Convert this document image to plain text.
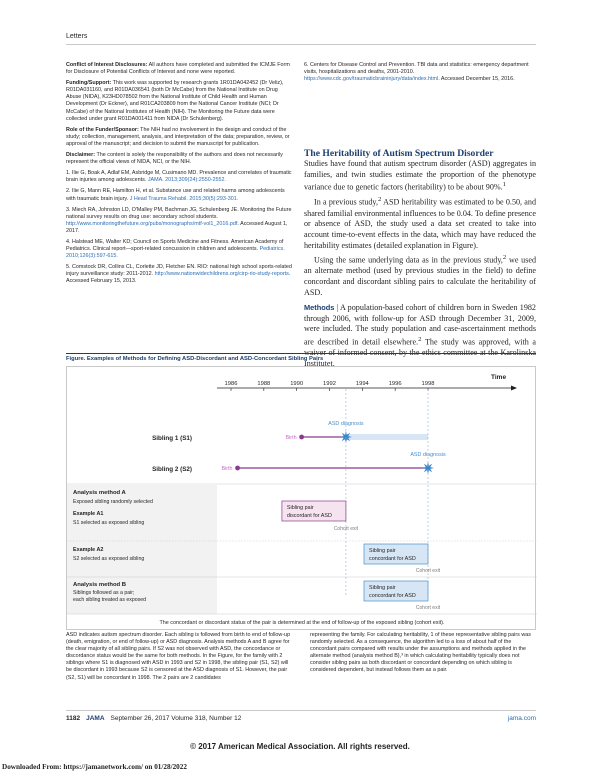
Letters

Conflict of Interest Disclosures: All authors have completed and submitted the ICMJE Form for Disclosure of Potential Conflicts of Interest and none were reported.

Funding/Support: This work was supported by research grants 1R01DA042452 (Dr Veliz), R01DA031160, and R01DA036541 (both Dr McCabe) from the National Institute on Drug Abuse (NIDA), K23HD078502 from the National Institute of Child Health and Human Development (Dr Eckner), and R01CA203809 from the National Cancer Institute (NCI; Dr McCabe) of the National Institutes of Health (NIH). The Monitoring the Future data were collected under grant R01DA001411 from NIDA (Dr Schulenberg).

Role of the Funder/Sponsor: The NIH had no involvement in the design and conduct of the study; collection, management, analysis, and interpretation of the data; preparation, review, or approval of the manuscript; and decision to submit the manuscript for publication.

Disclaimer: The content is solely the responsibility of the authors and does not necessarily represent the official views of NIDA, NCI, or the NIH.

1. Ilie G, Boak A, Adlaf EM, Asbridge M, Cusimano MD. Prevalence and correlates of traumatic brain injuries among adolescents. JAMA. 2013;309(24):2550-2552.

2. Ilie G, Mann RE, Hamilton H, et al. Substance use and related harms among adolescents with traumatic brain injury. J Head Trauma Rehabil. 2015;30(5):293-301.

3. Miech RA, Johnston LD, O'Malley PM, Bachman JG, Schulenberg JE. Monitoring the Future national survey results on drug use: secondary school students. http://www.monitoringthefuture.org/pubs/monographs/mtf-vol1_2016.pdf. Accessed August 1, 2017.

4. Halstead ME, Walter KD; Council on Sports Medicine and Fitness. American Academy of Pediatrics. Clinical report—sport-related concussion in children and adolescents. Pediatrics. 2010;126(3):597-615.

5. Comstock DR, Collins CL, Corlette JD, Fletcher EN. RIO: national high school sports-related injury surveillance study: 2011-2012. http://www.nationwidechildrens.org/cirp-rio-study-reports. Accessed February 15, 2013.

6. Centers for Disease Control and Prevention. TBI data and statistics: emergency department visits, hospitalizations and deaths, 2001-2010. https://www.cdc.gov/traumaticbraininjury/data/index.html. Accessed December 15, 2016.
The Heritability of Autism Spectrum Disorder

Studies have found that autism spectrum disorder (ASD) aggregates in families, and twin studies estimate the proportion of the phenotype variance due to genetic factors (heritability) to be about 90%.$^1$

In a previous study,$^2$ ASD heritability was estimated to be 0.50, and shared familial environmental influences to be 0.04. To define presence or absence of ASD, the study used a data set created to take into account time-to-event effects in the data, which may have reduced the heritability estimates (detailed explanation in Figure).

Using the same underlying data as in the previous study,$^2$ we used an alternate method (used by previous studies in the field) to define concordant and discordant sibling pairs to calculate the heritability of ASD.

Methods | A population-based cohort of children born in Sweden 1982 through 2006, with follow-up for ASD through December 31, 2009, were included. The study population and case-ascertainment methods are described in detail elsewhere.$^2$ The study was approved, with a waiver of informed consent, by the ethics committee at the Karolinska Institutet.

Figure. Examples of Methods for Defining ASD-Discordant and ASD-Concordant Sibling Pairs
Time
1986	1988	1990	1992	1994	1996	1998
Sibling 1 (S1)
Sibling 2 (S2)
Birth
ASD diagnosis
Birth
ASD diagnosis
Analysis method A
Exposed sibling randomly selected
Example A1
S1 selected as exposed sibling
Example A2
S2 selected as exposed sibling
Analysis method B
Siblings followed as a pair;
each sibling treated as exposed
Sibling pair
discordant for ASD
Cohort exit
Sibling pair
concordant for ASD
Cohort exit
Sibling pair
concordant for ASD
Cohort exit
The concordant or discordant status of the pair is determined at the end of follow-up of the exposed sibling (cohort exit).
ASD indicates autism spectrum disorder. Each sibling is followed from birth to end of follow-up (death, emigration, or end of follow-up) or ASD diagnosis. Analysis methods A and B agree for the clear majority of all sibling pairs. If S2 was not observed with ASD, the concordance or discordance status would be the same for both methods. In the Figure, for the family with 2 siblings where S1 is diagnosed with ASD in 1993 and S2 in 1998, the sibling pair (S1, S2) will be discordant in 1993 because S2 is censored at the ASD diagnosis of S1. However, the pair (S2, S1) will be concordant in 1998. The 2 pairs are 2 candidates
representing the family. For calculating heritability, 1 of these representative sibling pairs was randomly selected. As a consequence, the algorithm led to a loss of about half of the concordant pairs compared with results under the assumptions and methods applied in the alternate method (analysis method B),³ in which calculating heritability typically does not consider sibling pairs as both discordant or concordant depending on which sibling is considered dependent, but instead follows them as a pair.
1182 JAMA September 26, 2017 Volume 318, Number 12	jama.com
© 2017 American Medical Association. All rights reserved.
Downloaded From: https://jamanetwork.com/ on 01/28/2022
